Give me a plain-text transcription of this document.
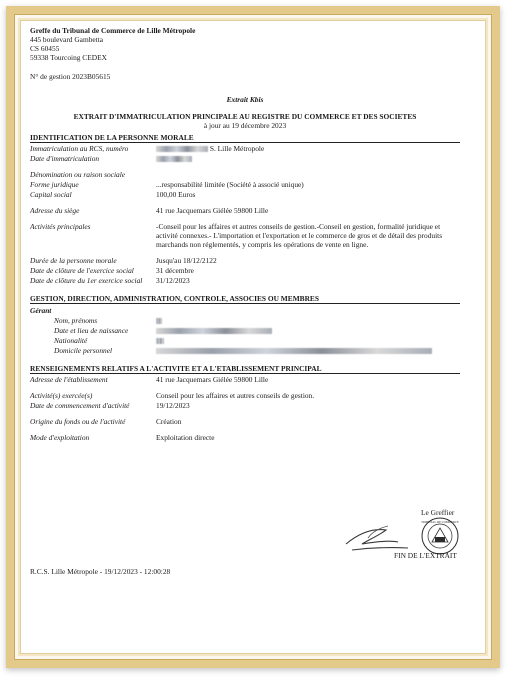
Greffe du Tribunal de Commerce de Lille Métropole
445 boulevard Gambetta
CS 60455
59338 Tourcoing CEDEX
N° de gestion 2023B05615
Extrait Kbis
EXTRAIT D'IMMATRICULATION PRINCIPALE AU REGISTRE DU COMMERCE ET DES SOCIETES
à jour au 19 décembre 2023
IDENTIFICATION DE LA PERSONNE MORALE
Immatriculation au RCS, numéro	S. Lille Métropole
Date d'immatriculation
Dénomination ou raison sociale
Forme juridique	...responsabilité limitée (Société à associé unique)
Capital social	100,00 Euros
Adresse du siège	41 rue Jacquemars Giélée 59800 Lille
Activités principales	-Conseil pour les affaires et autres conseils de gestion.-Conseil en gestion, formalité juridique et activité connexes.- L'importation et l'exportation et le commerce de gros et de détail des produits marchands non réglementés, y compris les opérations de vente en ligne.
Durée de la personne morale	Jusqu'au 18/12/2122
Date de clôture de l'exercice social	31 décembre
Date de clôture du 1er exercice social	31/12/2023
GESTION, DIRECTION, ADMINISTRATION, CONTROLE, ASSOCIES OU MEMBRES
Gérant
Nom, prénoms
Date et lieu de naissance
Nationalité
Domicile personnel
RENSEIGNEMENTS RELATIFS A L'ACTIVITE ET A L'ETABLISSEMENT PRINCIPAL
Adresse de l'établissement	41 rue Jacquemars Giélée 59800 Lille
Activité(s) exercée(s)	Conseil pour les affaires et autres conseils de gestion.
Date de commencement d'activité	19/12/2023
Origine du fonds ou de l'activité	Création
Mode d'exploitation	Exploitation directe
Le Greffier
TRIBUNAL DE COMMERCE
FIN DE L'EXTRAIT
R.C.S. Lille Métropole - 19/12/2023 - 12:00:28
